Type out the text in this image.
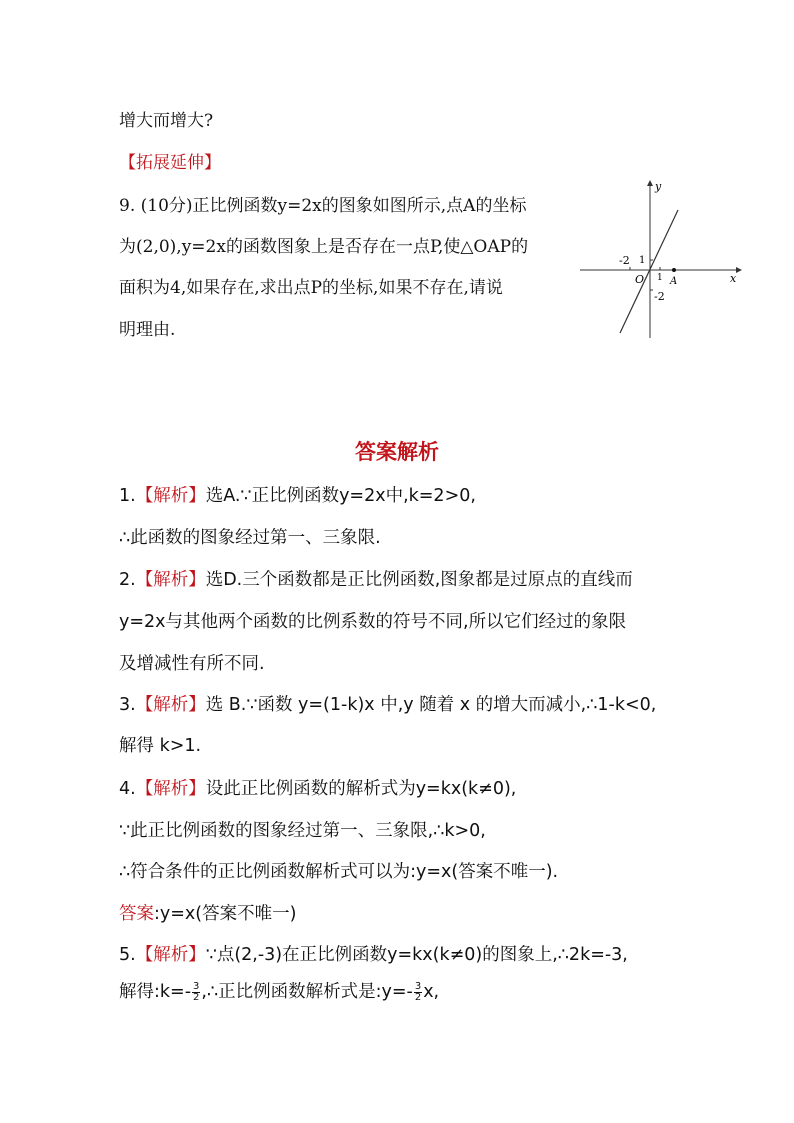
增大而增大?
【拓展延伸】
9. (10分)正比例函数y=2x的图象如图所示,点A的坐标
为(2,0),y=2x的函数图象上是否存在一点P,使△OAP的
面积为4,如果存在,求出点P的坐标,如果不存在,请说
明理由.
y
x
O	A
-2
1
1
-2
答案解析
1.【解析】选A.∵正比例函数y=2x中,k=2>0,
∴此函数的图象经过第一、三象限.
2.【解析】选D.三个函数都是正比例函数,图象都是过原点的直线而
y=2x与其他两个函数的比例系数的符号不同,所以它们经过的象限
及增减性有所不同.
3.【解析】选 B.∵函数 y=(1-k)x 中,y 随着 x 的增大而减小,∴1-k<0,
解得 k>1.
4.【解析】设此正比例函数的解析式为y=kx(k≠0),
∵此正比例函数的图象经过第一、三象限,∴k>0,
∴符合条件的正比例函数解析式可以为:y=x(答案不唯一).
答案:y=x(答案不唯一)
5.【解析】∵点(2,-3)在正比例函数y=kx(k≠0)的图象上,∴2k=-3,
解得:k=- $\frac{3}{2}$ ,∴正比例函数解析式是:y=- $\frac{3}{2} x$,
